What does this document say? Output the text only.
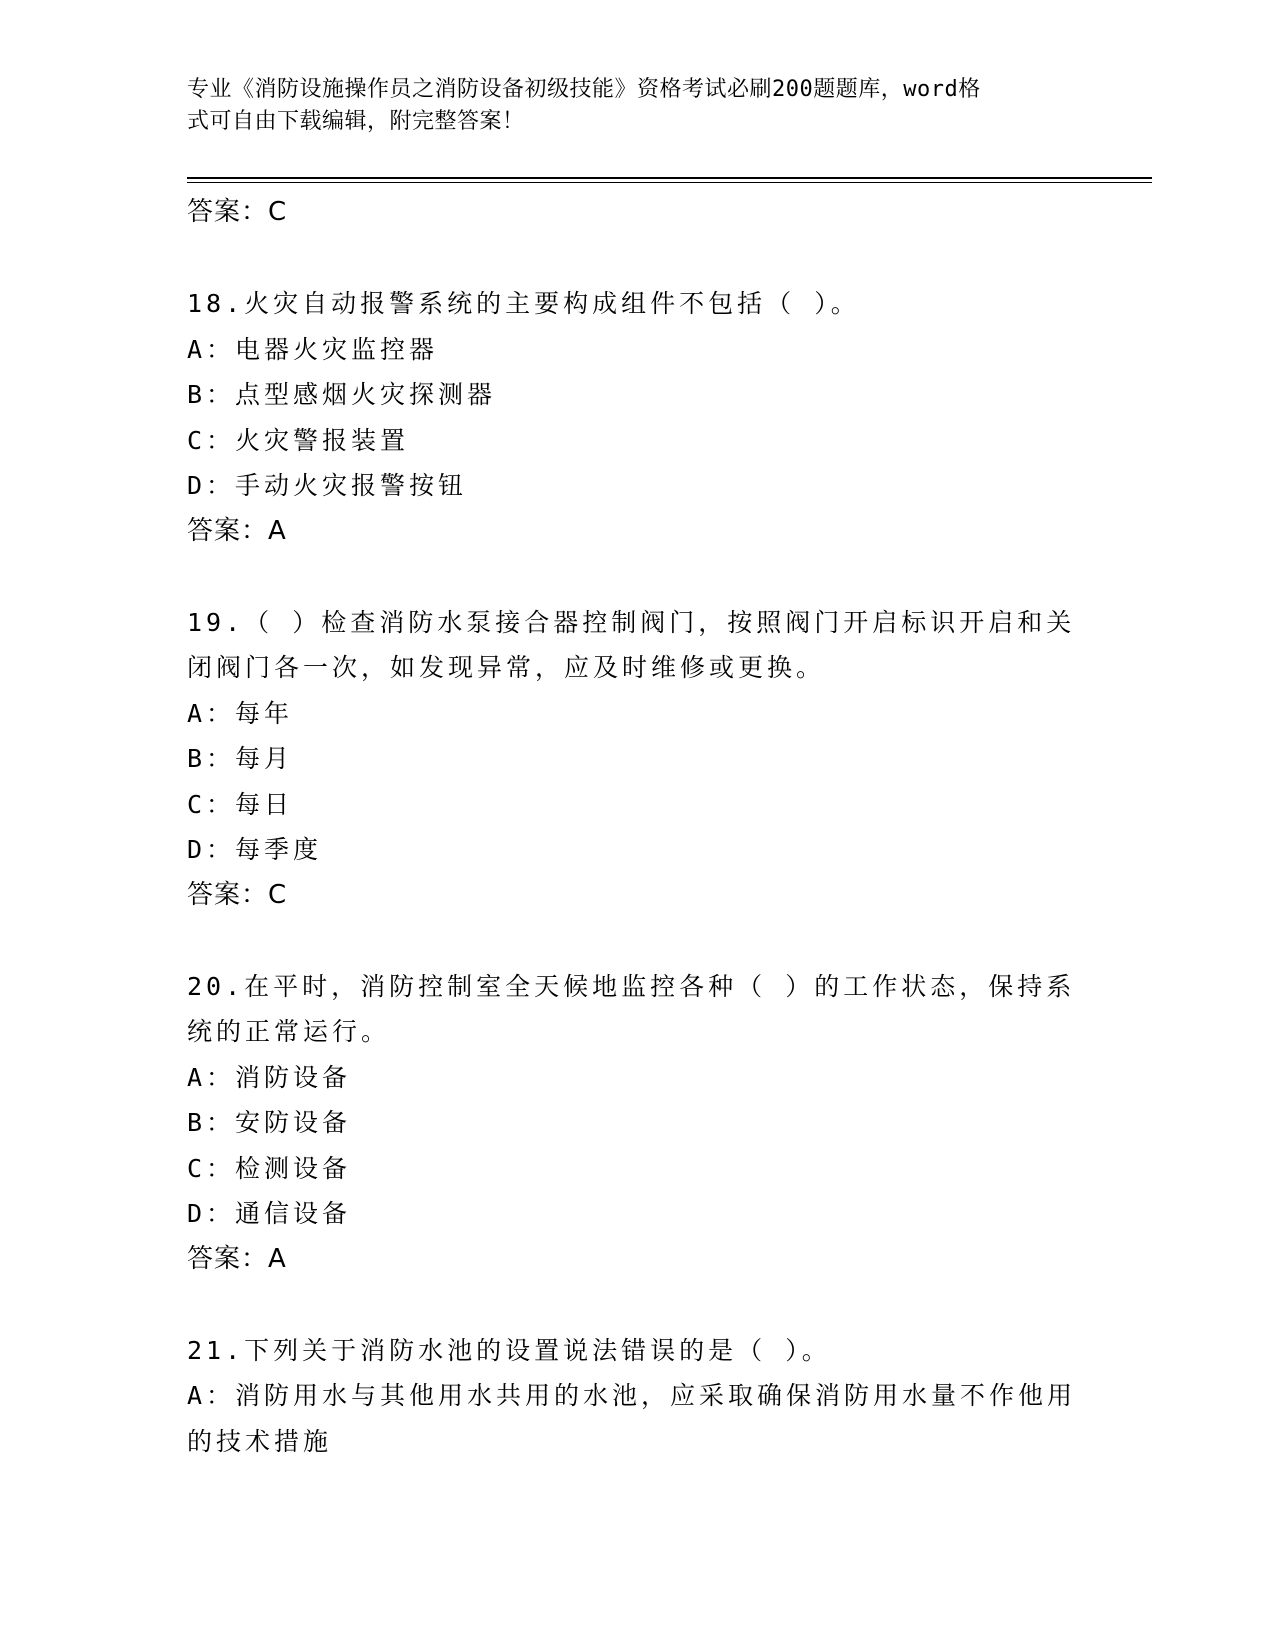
专业《消防设施操作员之消防设备初级技能》资格考试必刷200题题库，word格
式可自由下载编辑，附完整答案！
答案：C
18.火灾自动报警系统的主要构成组件不包括（ ）。
A：电器火灾监控器
B：点型感烟火灾探测器
C：火灾警报装置
D：手动火灾报警按钮
答案：A
19.（ ）检查消防水泵接合器控制阀门，按照阀门开启标识开启和关
闭阀门各一次，如发现异常，应及时维修或更换。
A：每年
B：每月
C：每日
D：每季度
答案：C
20.在平时，消防控制室全天候地监控各种（ ）的工作状态，保持系
统的正常运行。
A：消防设备
B：安防设备
C：检测设备
D：通信设备
答案：A
21.下列关于消防水池的设置说法错误的是（ ）。
A：消防用水与其他用水共用的水池，应采取确保消防用水量不作他用
的技术措施
